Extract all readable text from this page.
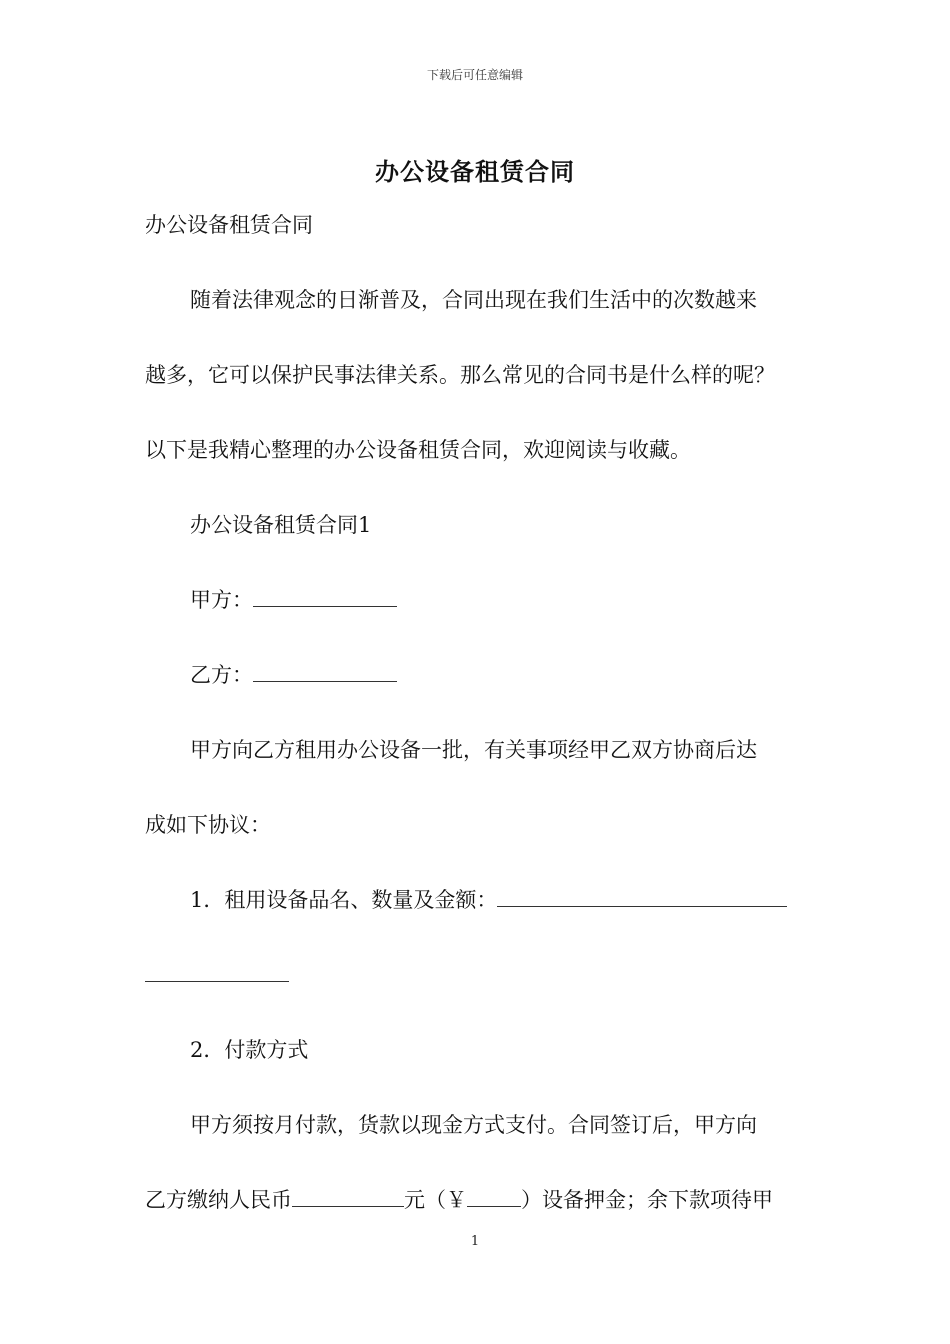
下载后可任意编辑
办公设备租赁合同
办公设备租赁合同
随着法律观念的日渐普及，合同出现在我们生活中的次数越来
越多，它可以保护民事法律关系。那么常见的合同书是什么样的呢？
以下是我精心整理的办公设备租赁合同，欢迎阅读与收藏。
办公设备租赁合同1
甲方：
乙方：
甲方向乙方租用办公设备一批，有关事项经甲乙双方协商后达
成如下协议：
1．租用设备品名、数量及金额：
2．付款方式
甲方须按月付款，货款以现金方式支付。合同签订后，甲方向
乙方缴纳人民币	元（￥	）设备押金；余下款项待甲
1
